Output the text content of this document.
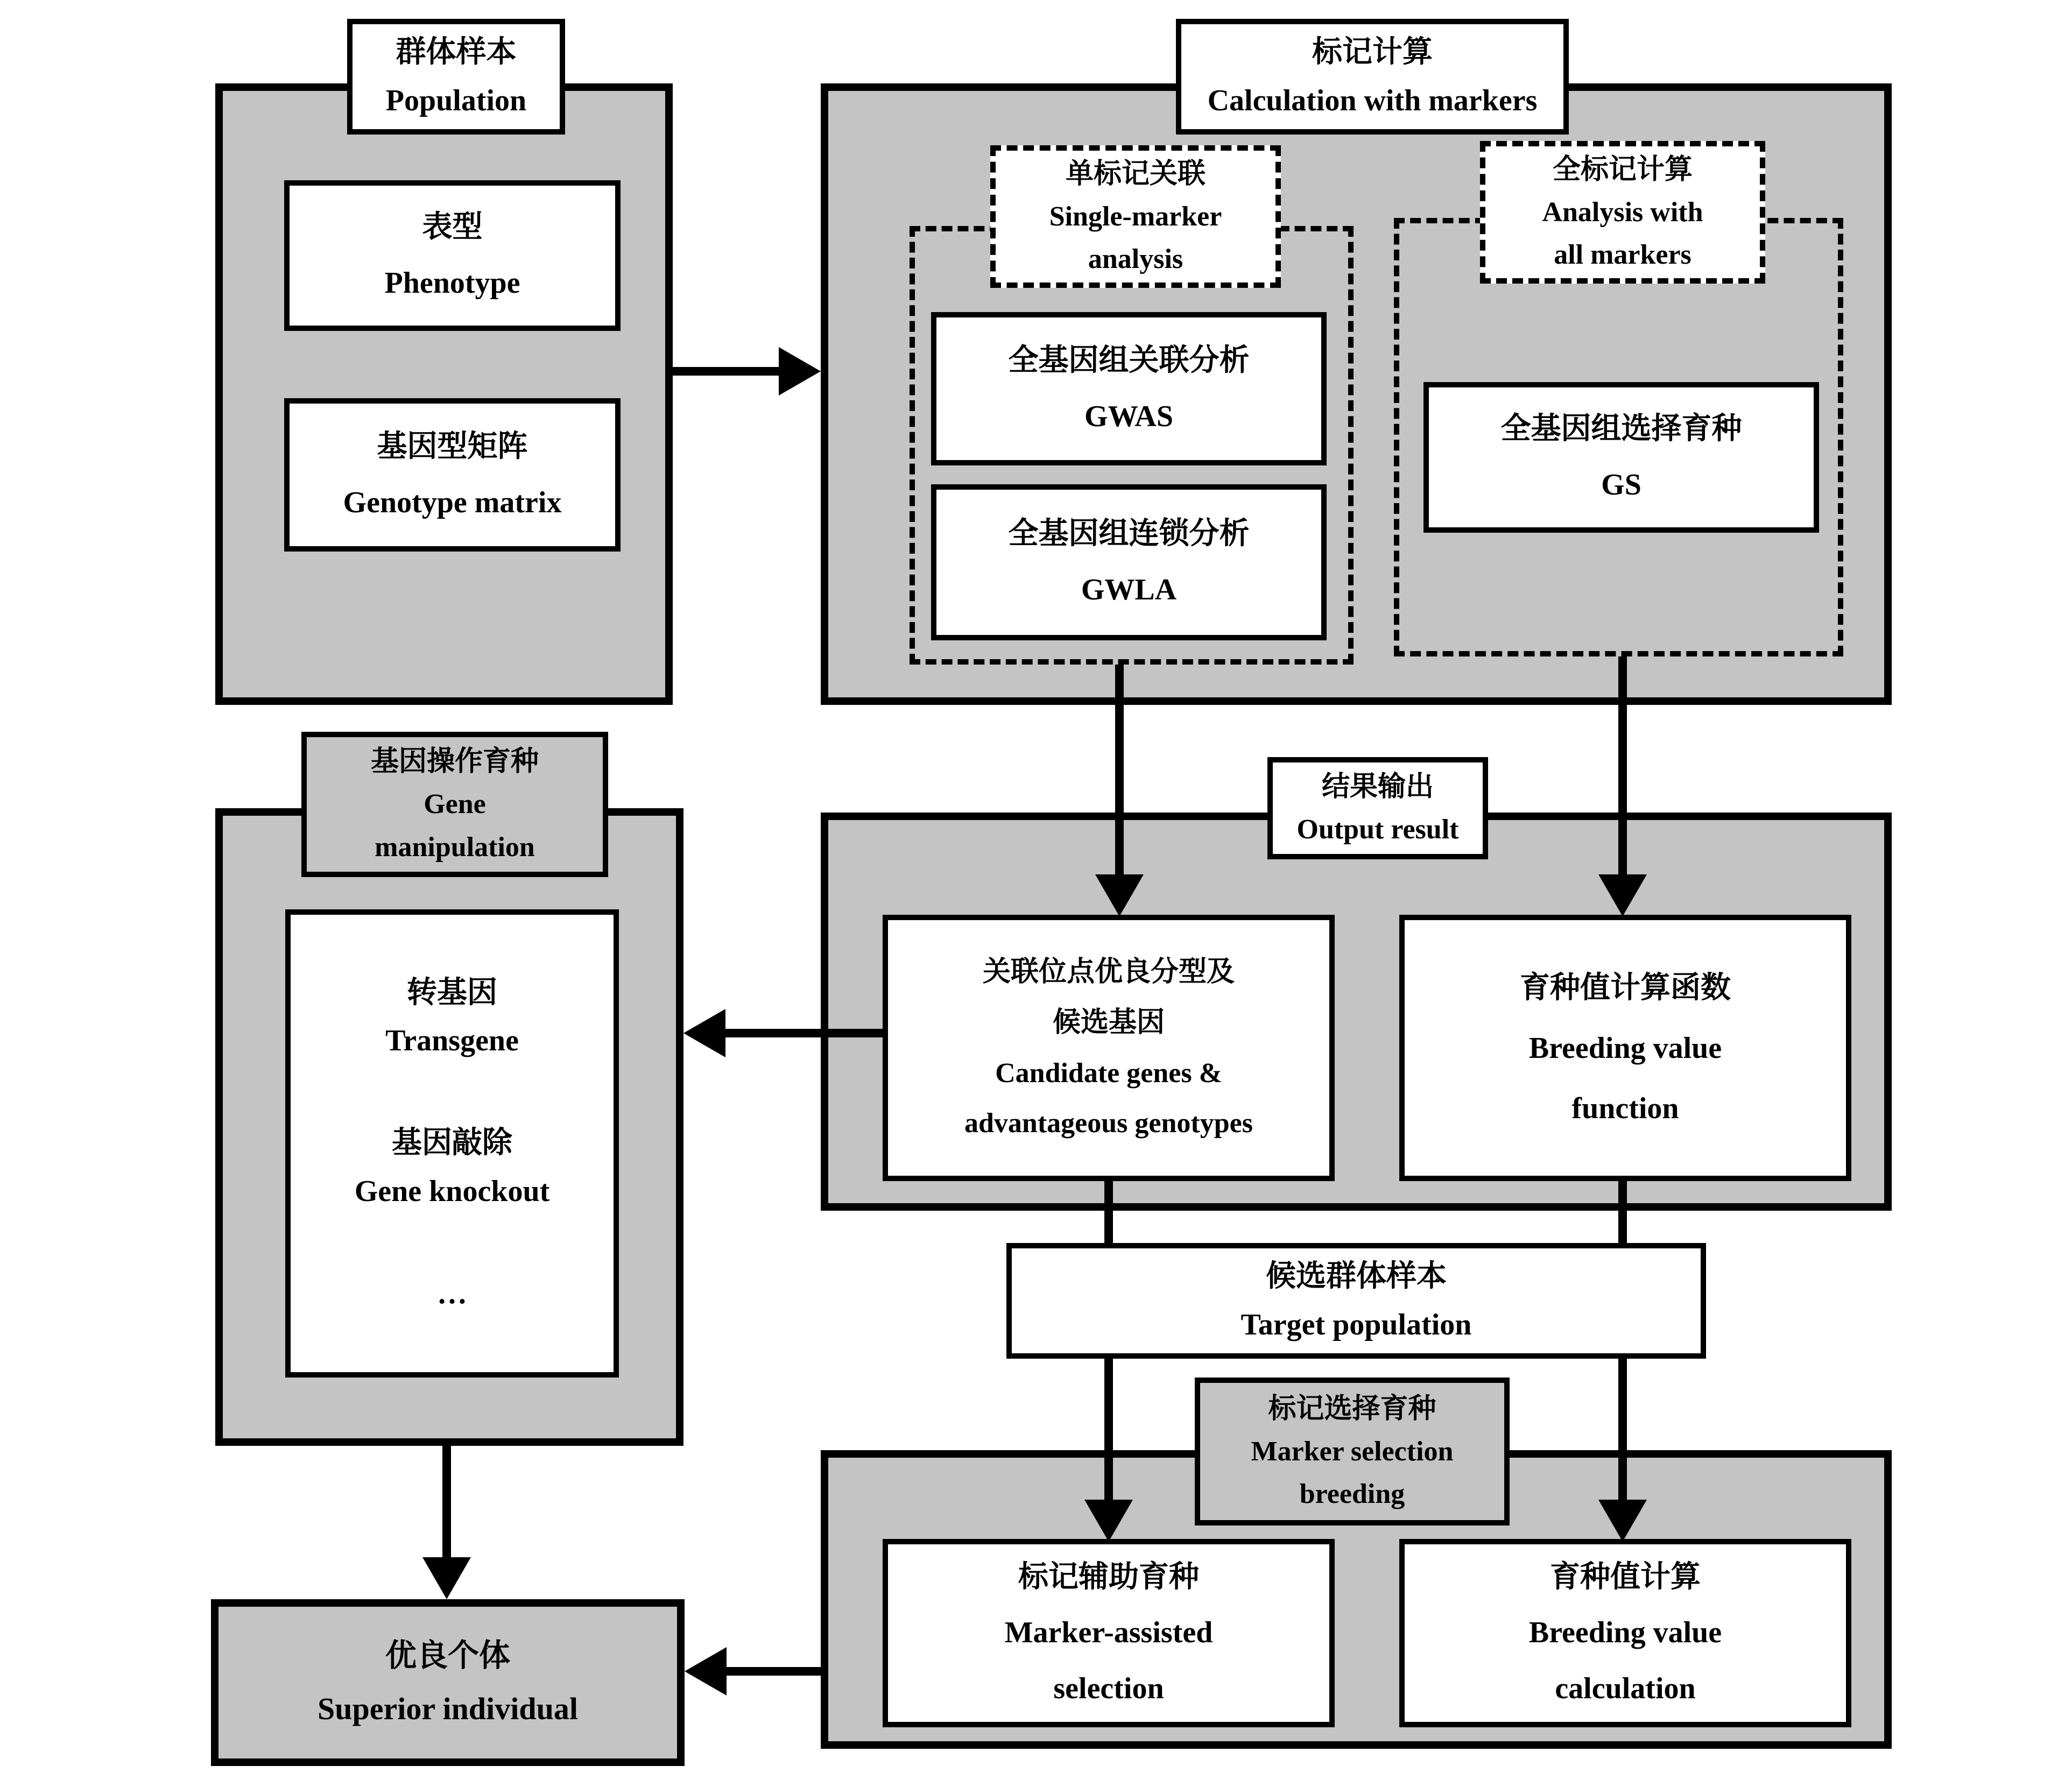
群体样本
Population
表型
Phenotype
基因型矩阵
Genotype matrix
基因操作育种
Gene
manipulation
转基因
Transgene
基因敲除
Gene knockout
…
优良个体
Superior individual
标记计算
Calculation with markers
单标记关联
Single-marker
analysis
全基因组关联分析
GWAS
全基因组连锁分析
GWLA
全标记计算
Analysis with
all markers
全基因组选择育种
GS
结果输出
Output result
关联位点优良分型及
候选基因
Candidate genes &
advantageous genotypes
育种值计算函数
Breeding value
function
候选群体样本
Target population
标记选择育种
Marker selection
breeding
标记辅助育种
Marker-assisted
selection
育种值计算
Breeding value
calculation
